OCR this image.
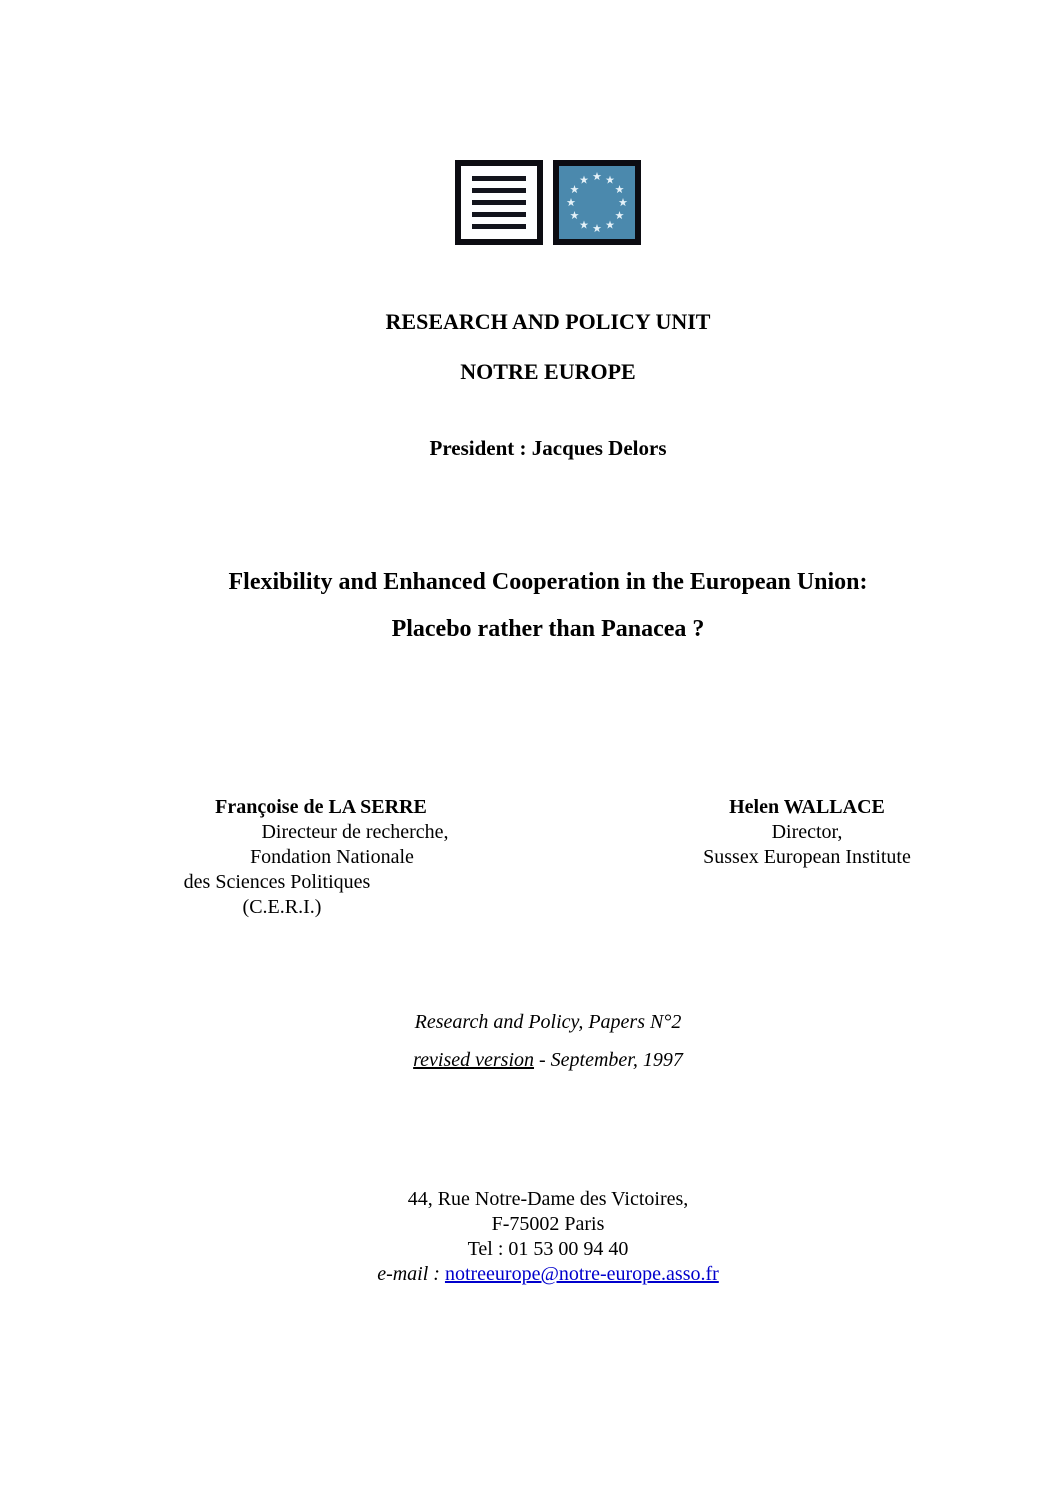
RESEARCH AND POLICY UNIT
NOTRE EUROPE
President : Jacques Delors
Flexibility and Enhanced Cooperation in the European Union:
Placebo rather than Panacea ?
Françoise de LA SERRE
Directeur de recherche,
Fondation Nationale
des Sciences Politiques
(C.E.R.I.)
Helen WALLACE
Director,
Sussex European Institute
Research and Policy, Papers N°2
revised version - September, 1997
44, Rue Notre-Dame des Victoires,
F-75002 Paris
Tel : 01 53 00 94 40
e-mail : notreeurope@notre-europe.asso.fr
